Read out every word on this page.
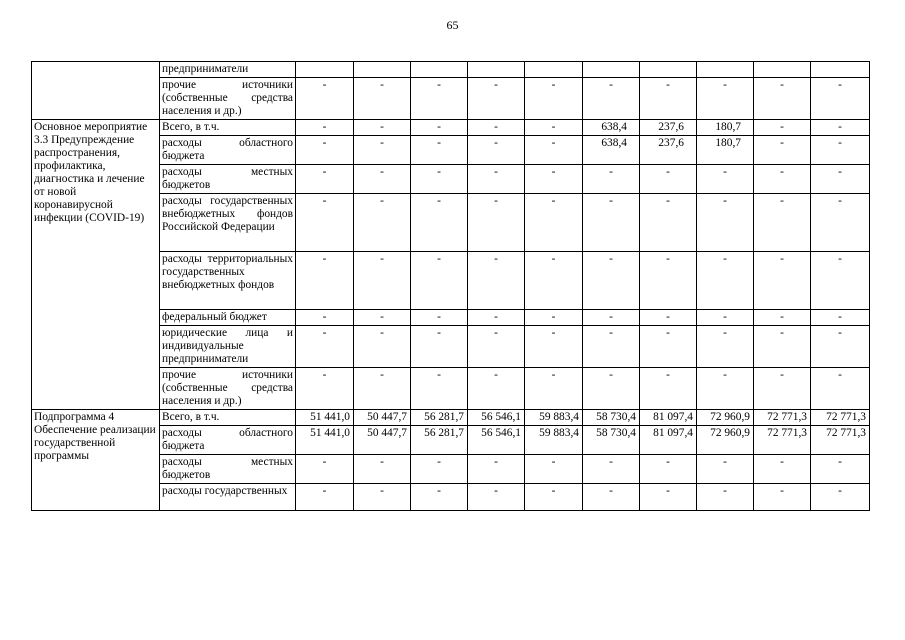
65
	предприниматели										
	прочие источники (собственные средства населения и др.)	-	-	-	-	-	-	-	-	-	-
Основное мероприятие 3.3 Предупреждение распространения, профилактика, диагностика и лечение от новой коронавирусной инфекции (COVID-19)	Всего, в т.ч.	-	-	-	-	-	638,4	237,6	180,7	-	-
	расходы областного бюджета	-	-	-	-	-	638,4	237,6	180,7	-	-
	расходы местных бюджетов	-	-	-	-	-	-	-	-	-	-
	расходы государственных внебюджетных фондов Российской Федерации	-	-	-	-	-	-	-	-	-	-
	расходы территориальных государственных внебюджетных фондов	-	-	-	-	-	-	-	-	-	-
	федеральный бюджет	-	-	-	-	-	-	-	-	-	-
	юридические лица и индивидуальные предприниматели	-	-	-	-	-	-	-	-	-	-
	прочие источники (собственные средства населения и др.)	-	-	-	-	-	-	-	-	-	-
Подпрограмма 4 Обеспечение реализации государственной программы	Всего, в т.ч.	51 441,0	50 447,7	56 281,7	56 546,1	59 883,4	58 730,4	81 097,4	72 960,9	72 771,3	72 771,3
	расходы областного бюджета	51 441,0	50 447,7	56 281,7	56 546,1	59 883,4	58 730,4	81 097,4	72 960,9	72 771,3	72 771,3
	расходы местных бюджетов	-	-	-	-	-	-	-	-	-	-
	расходы государственных	-	-	-	-	-	-	-	-	-	-
